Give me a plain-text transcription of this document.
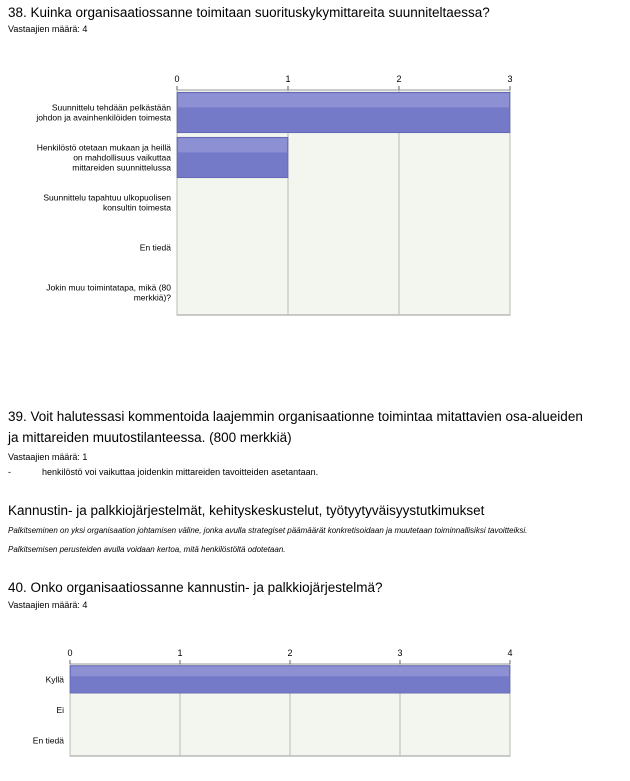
38. Kuinka organisaatiossanne toimitaan suorituskykymittareita suunniteltaessa?
Vastaajien määrä: 4
0	1	2	3
Suunnittelu tehdään pelkästään
johdon ja avainhenkilöiden toimesta
Henkilöstö otetaan mukaan ja heillä
on mahdollisuus vaikuttaa
mittareiden suunnittelussa
Suunnittelu tapahtuu ulkopuolisen
konsultin toimesta
En tiedä
Jokin muu toimintatapa, mikä (80
merkkiä)?
39. Voit halutessasi kommentoida laajemmin organisaationne toimintaa mitattavien osa-alueiden
ja mittareiden muutostilanteessa. (800 merkkiä)
Vastaajien määrä: 1
-	henkilöstö voi vaikuttaa joidenkin mittareiden tavoitteiden asetantaan.
Kannustin- ja palkkiojärjestelmät, kehityskeskustelut, työtyytyväisyystutkimukset
Palkitseminen on yksi organisaation johtamisen väline, jonka avulla strategiset päämäärät konkretisoidaan ja muutetaan toiminnallisiksi tavoitteiksi.
Palkitsemisen perusteiden avulla voidaan kertoa, mitä henkilöstöltä odotetaan.
40. Onko organisaatiossanne kannustin- ja palkkiojärjestelmä?
Vastaajien määrä: 4
0	1	2	3	4
Kyllä
Ei
En tiedä
